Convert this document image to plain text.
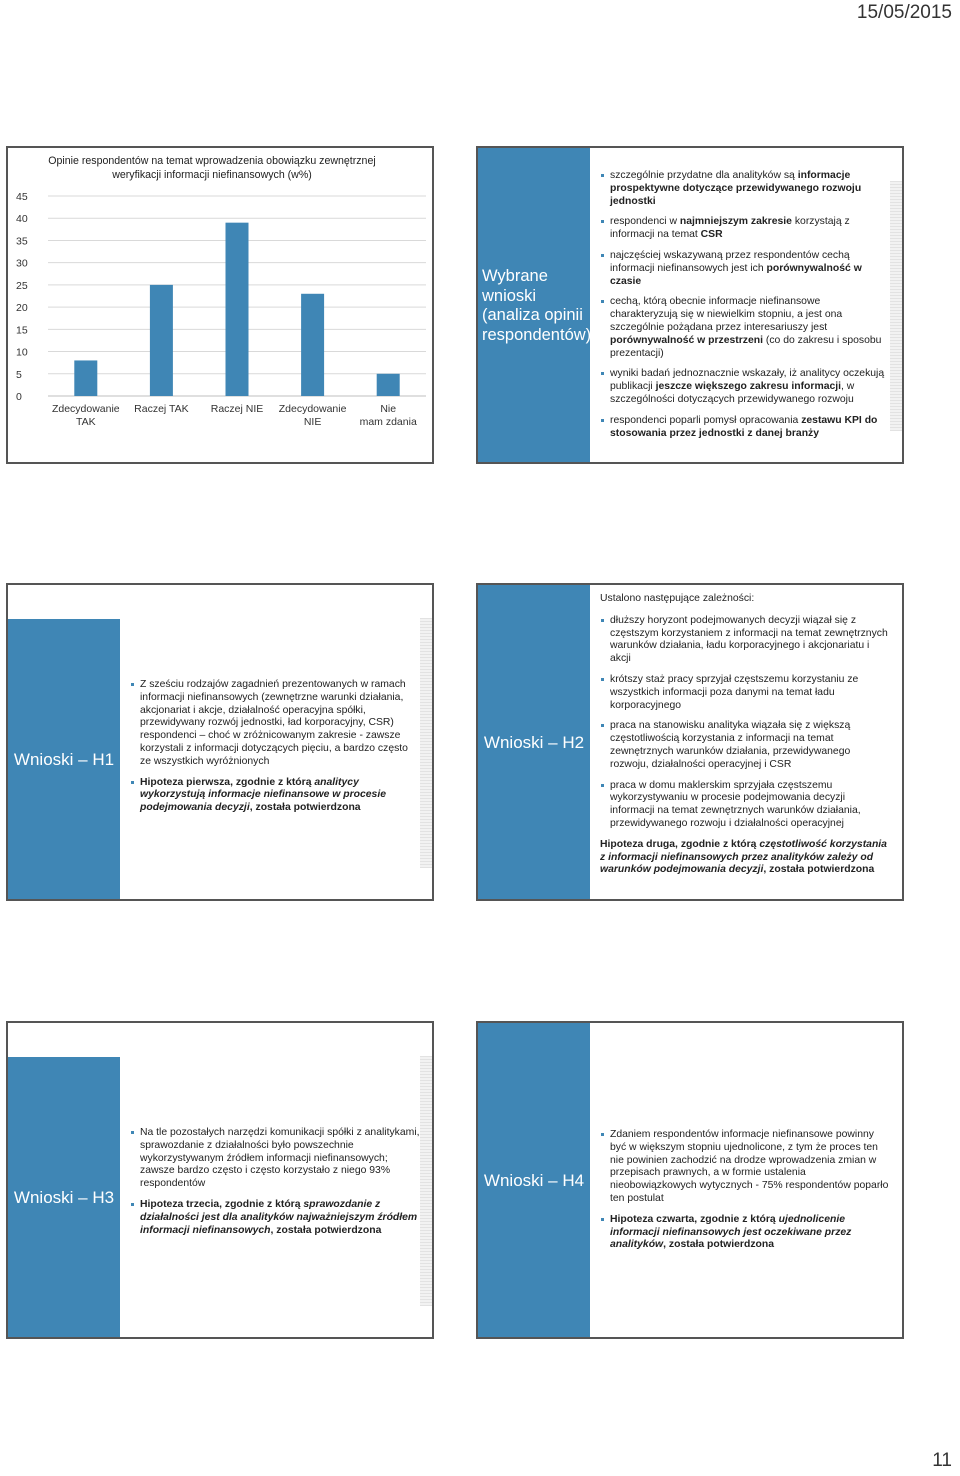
15/05/2015
Opinie respondentów na temat wprowadzenia obowiązku zewnętrznej weryfikacji informacji niefinansowych (w%)
0
5
10
15
20
25
30
35
40
45
Zdecydowanie TAK
Raczej TAK Raczej NIE Zdecydowanie NIE
Nie mam zdania
Wybrane wnioski (analiza opinii respondentów)
szczególnie przydatne dla analityków są informacje prospektywne dotyczące przewidywanego rozwoju jednostki
respondenci w najmniejszym zakresie korzystają z informacji na temat CSR
najczęściej wskazywaną przez respondentów cechą informacji niefinansowych jest ich porównywalność w czasie
cechą, którą obecnie informacje niefinansowe charakteryzują się w niewielkim stopniu, a jest ona szczególnie pożądana przez interesariuszy jest porównywalność w przestrzeni (co do zakresu i sposobu prezentacji)
wyniki badań jednoznacznie wskazały, iż analitycy oczekują publikacji jeszcze większego zakresu informacji, w szczególności dotyczących przewidywanego rozwoju
respondenci poparli pomysł opracowania zestawu KPI do stosowania przez jednostki z danej branży
Wnioski – H1
Z sześciu rodzajów zagadnień prezentowanych w ramach informacji niefinansowych (zewnętrzne warunki działania, akcjonariat i akcje, działalność operacyjna spółki, przewidywany rozwój jednostki, ład korporacyjny, CSR) respondenci – choć w zróżnicowanym zakresie - zawsze korzystali z informacji dotyczących pięciu, a bardzo często ze wszystkich wyróżnionych
Hipoteza pierwsza, zgodnie z którą analitycy wykorzystują informacje niefinansowe w procesie podejmowania decyzji, została potwierdzona
Wnioski – H2
Ustalono następujące zależności:
dłuższy horyzont podejmowanych decyzji wiązał się z częstszym korzystaniem z informacji na temat zewnętrznych warunków działania, ładu korporacyjnego i akcjonariatu i akcji
krótszy staż pracy sprzyjał częstszemu korzystaniu ze wszystkich informacji poza danymi na temat ładu korporacyjnego
praca na stanowisku analityka wiązała się z większą częstotliwością korzystania z informacji na temat zewnętrznych warunków działania, przewidywanego rozwoju, działalności operacyjnej i CSR
praca w domu maklerskim sprzyjała częstszemu wykorzystywaniu w procesie podejmowania decyzji informacji na temat zewnętrznych warunków działania, przewidywanego rozwoju i działalności operacyjnej
Hipoteza druga, zgodnie z którą częstotliwość korzystania z informacji niefinansowych przez analityków zależy od warunków podejmowania decyzji, została potwierdzona
Wnioski – H3
Na tle pozostałych narzędzi komunikacji spółki z analitykami, sprawozdanie z działalności było powszechnie wykorzystywanym źródłem informacji niefinansowych; zawsze bardzo często i często korzystało z niego 93% respondentów
Hipoteza trzecia, zgodnie z którą sprawozdanie z działalności jest dla analityków najważniejszym źródłem informacji niefinansowych, została potwierdzona
Wnioski – H4
Zdaniem respondentów informacje niefinansowe powinny być w większym stopniu ujednolicone, z tym że proces ten nie powinien zachodzić na drodze wprowadzenia zmian w przepisach prawnych, a w formie ustalenia nieobowiązkowych wytycznych - 75% respondentów poparło ten postulat
Hipoteza czwarta, zgodnie z którą ujednolicenie informacji niefinansowych jest oczekiwane przez analityków, została potwierdzona
11
